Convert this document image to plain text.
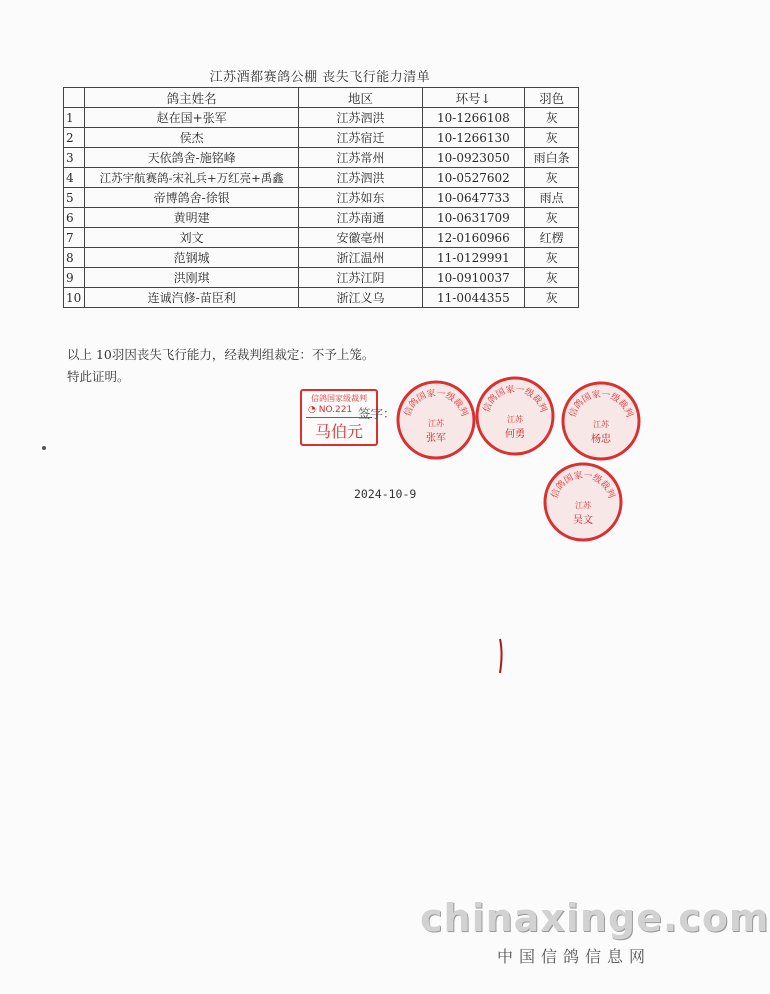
江苏酒都赛鸽公棚 丧失飞行能力清单
	鸽主姓名	地区	环号↓	羽色
1	赵在国+张军	江苏泗洪	10-1266108	灰
2	侯杰	江苏宿迁	10-1266130	灰
3	天依鸽舍-施铭峰	江苏常州	10-0923050	雨白条
4	江苏宇航赛鸽-宋礼兵+万红亮+禹鑫	江苏泗洪	10-0527602	灰
5	帝博鸽舍-徐银	江苏如东	10-0647733	雨点
6	黄明建	江苏南通	10-0631709	灰
7	刘文	安徽亳州	12-0160966	红楞
8	范钢城	浙江温州	11-0129991	灰
9	洪刚琪	江苏江阴	10-0910037	灰
10	连诚汽修-苗臣利	浙江义乌	11-0044355	灰
以上 10羽因丧失飞行能力，经裁判组裁定：不予上笼。
特此证明。
信鸽国家级裁判
◔ NO.221
马伯元
签字： 信鸽国家一级裁判
江苏
张军
信鸽国家一级裁判
江苏
何勇
信鸽国家一级裁判
江苏
杨忠
信鸽国家一级裁判
江苏
吴文
2024-10-9
chinaxinge.com
中国信鸽信息网
